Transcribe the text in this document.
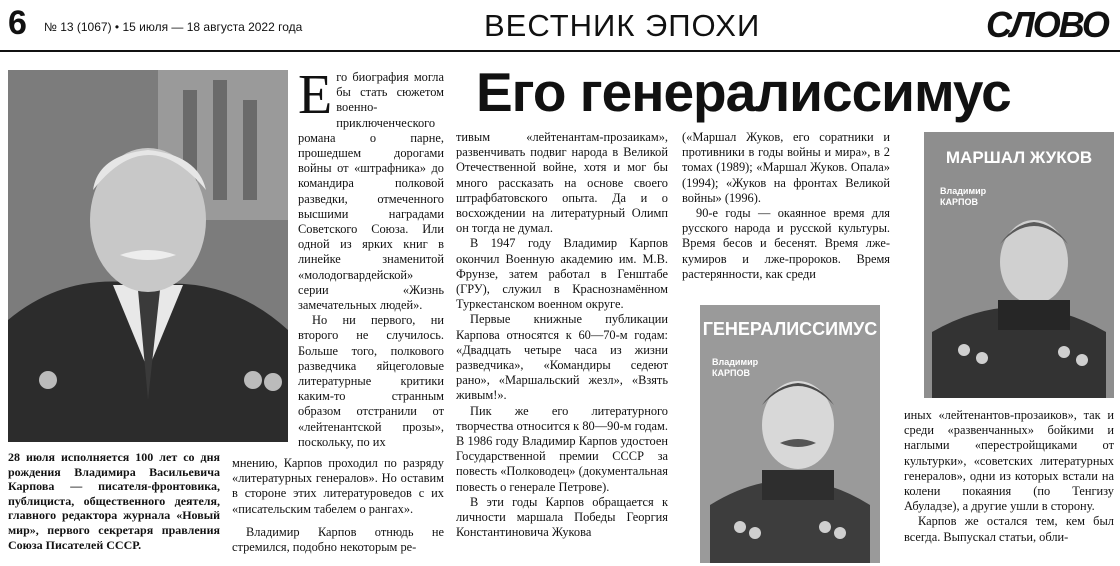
6 № 13 (1067) • 15 июля — 18 августа 2022 года	ВЕСТНИК ЭПОХИ	СЛОВО
Его генералиссимус
28 июля исполняется 100 лет со дня рождения Владимира Васильевича Карпова — писателя-фронтовика, публициста, общественного деятеля, главного редактора журнала «Новый мир», первого секретаря правления Союза Писателей СССР.
Е го биография могла бы стать сюжетом военно-приключенческого романа о парне, прошедшем дорогами войны от «штрафника» до командира полковой разведки, отмеченного высшими наградами Советского Союза. Или одной из ярких книг в линейке знаменитой «молодогвардейской» серии «Жизнь замечательных людей».

Но ни первого, ни второго не случилось. Больше того, полкового разведчика яйцеголовые литературные критики каким-то странным образом отстранили от «лейтенантской прозы», поскольку, по их

мнению, Карпов проходил по разряду «литературных генералов». Но оставим в стороне этих литературоведов с их «писательским табелем о рангах».

Владимир Карпов отнюдь не стремился, подобно некоторым ре-

тивым «лейтенантам-прозаикам», развенчивать подвиг народа в Великой Отечественной войне, хотя и мог бы много рассказать на основе своего штрафбатовского опыта. Да и о восхождении на литературный Олимп он тогда не думал.

В 1947 году Владимир Карпов окончил Военную академию им. М.В. Фрунзе, затем работал в Генштабе (ГРУ), служил в Краснознамённом Туркестанском военном округе.

Первые книжные публикации Карпова относятся к 60—70-м годам: «Двадцать четыре часа из жизни разведчика», «Командиры седеют рано», «Маршальский жезл», «Взять живым!».

Пик же его литературного творчества относится к 80—90-м годам. В 1986 году Владимир Карпов удостоен Государственной премии СССР за повесть «Полководец» (документальная повесть о генерале Петрове).

В эти годы Карпов обращается к личности маршала Победы Георгия Константиновича Жукова

(«Маршал Жуков, его соратники и противники в годы войны и мира», в 2 томах (1989); «Маршал Жуков. Опала» (1994); «Жуков на фронтах Великой войны» (1996).

90-е годы — окаянное время для русского народа и русской культуры. Время бесов и бесенят. Время лже-кумиров и лже-пророков. Время растерянности, как среди

ГЕНЕРАЛИССИМУС
Владимир
КАРПОВ
МАРШАЛ ЖУКОВ
Владимир
КАРПОВ

иных «лейтенантов-прозаиков», так и среди «развенчанных» бойкими и наглыми «перестройщиками от культурки», «советских литературных генералов», одни из которых встали на колени покаяния (по Тенгизу Абуладзе), а другие ушли в сторону.

Карпов же остался тем, кем был всегда. Выпускал статьи, обли-
